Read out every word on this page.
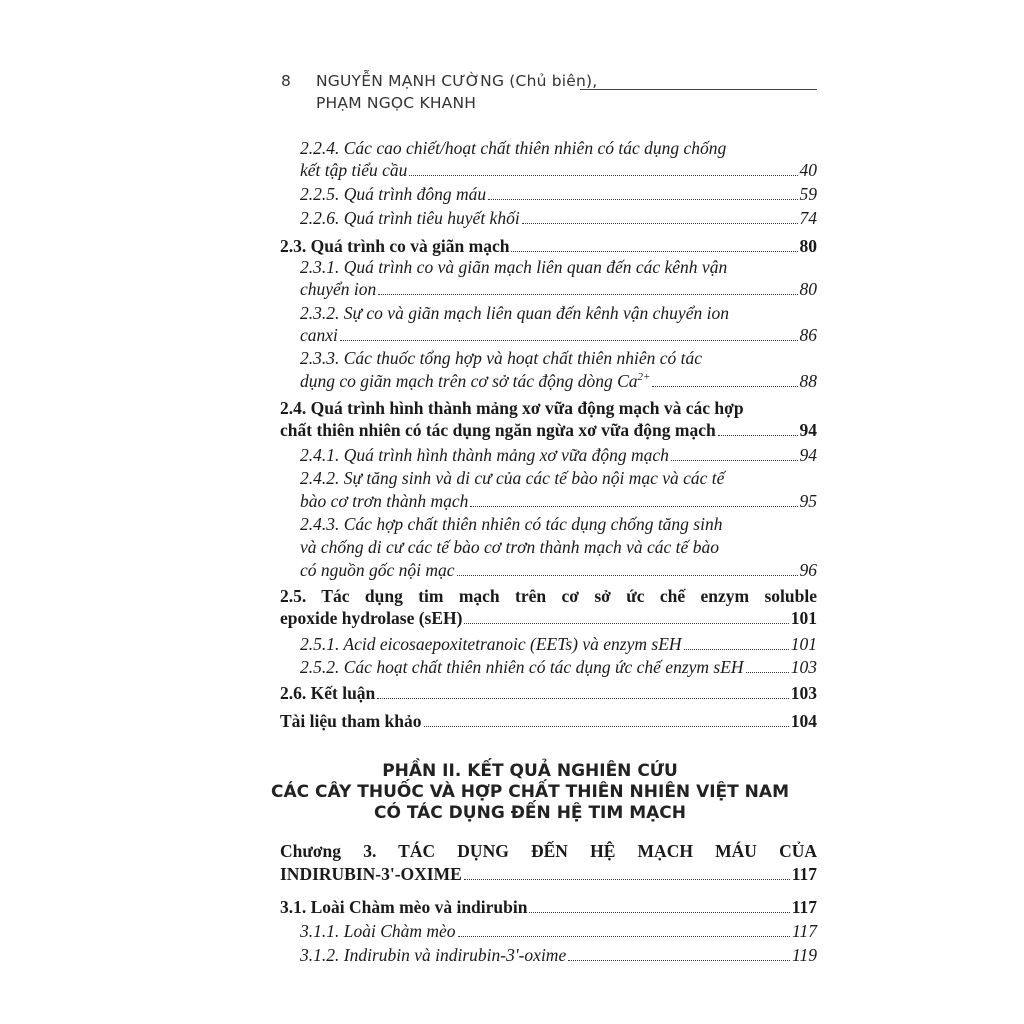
8 NGUYỄN MẠNH CƯỜNG (Chủ biên),
PHẠM NGỌC KHANH
2.2.4. Các cao chiết/hoạt chất thiên nhiên có tác dụng chống
kết tập tiểu cầu	40
2.2.5. Quá trình đông máu	59
2.2.6. Quá trình tiêu huyết khối	74
2.3. Quá trình co và giãn mạch	80
2.3.1. Quá trình co và giãn mạch liên quan đến các kênh vận
chuyển ion	80
2.3.2. Sự co và giãn mạch liên quan đến kênh vận chuyển ion
canxi	86
2.3.3. Các thuốc tổng hợp và hoạt chất thiên nhiên có tác
dụng co giãn mạch trên cơ sở tác động dòng $Ca^{2+}$	88
2.4. Quá trình hình thành mảng xơ vữa động mạch và các hợp
chất thiên nhiên có tác dụng ngăn ngừa xơ vữa động mạch	94
2.4.1. Quá trình hình thành mảng xơ vữa động mạch	94
2.4.2. Sự tăng sinh và di cư của các tế bào nội mạc và các tế
bào cơ trơn thành mạch	95
2.4.3. Các hợp chất thiên nhiên có tác dụng chống tăng sinh
và chống di cư các tế bào cơ trơn thành mạch và các tế bào
có nguồn gốc nội mạc	96
2.5. Tác dụng tim mạch trên cơ sở ức chế enzym soluble
epoxide hydrolase (sEH)	101
2.5.1. Acid eicosaepoxitetranoic (EETs) và enzym sEH	101
2.5.2. Các hoạt chất thiên nhiên có tác dụng ức chế enzym sEH	103
2.6. Kết luận	103
Tài liệu tham khảo	104
PHẦN II. KẾT QUẢ NGHIÊN CỨU
CÁC CÂY THUỐC VÀ HỢP CHẤT THIÊN NHIÊN VIỆT NAM
CÓ TÁC DỤNG ĐẾN HỆ TIM MẠCH
Chương 3. TÁC DỤNG ĐẾN HỆ MẠCH MÁU CỦA
INDIRUBIN-3'-OXIME	117
3.1. Loài Chàm mèo và indirubin	117
3.1.1. Loài Chàm mèo	117
3.1.2. Indirubin và indirubin-3'-oxime	119
